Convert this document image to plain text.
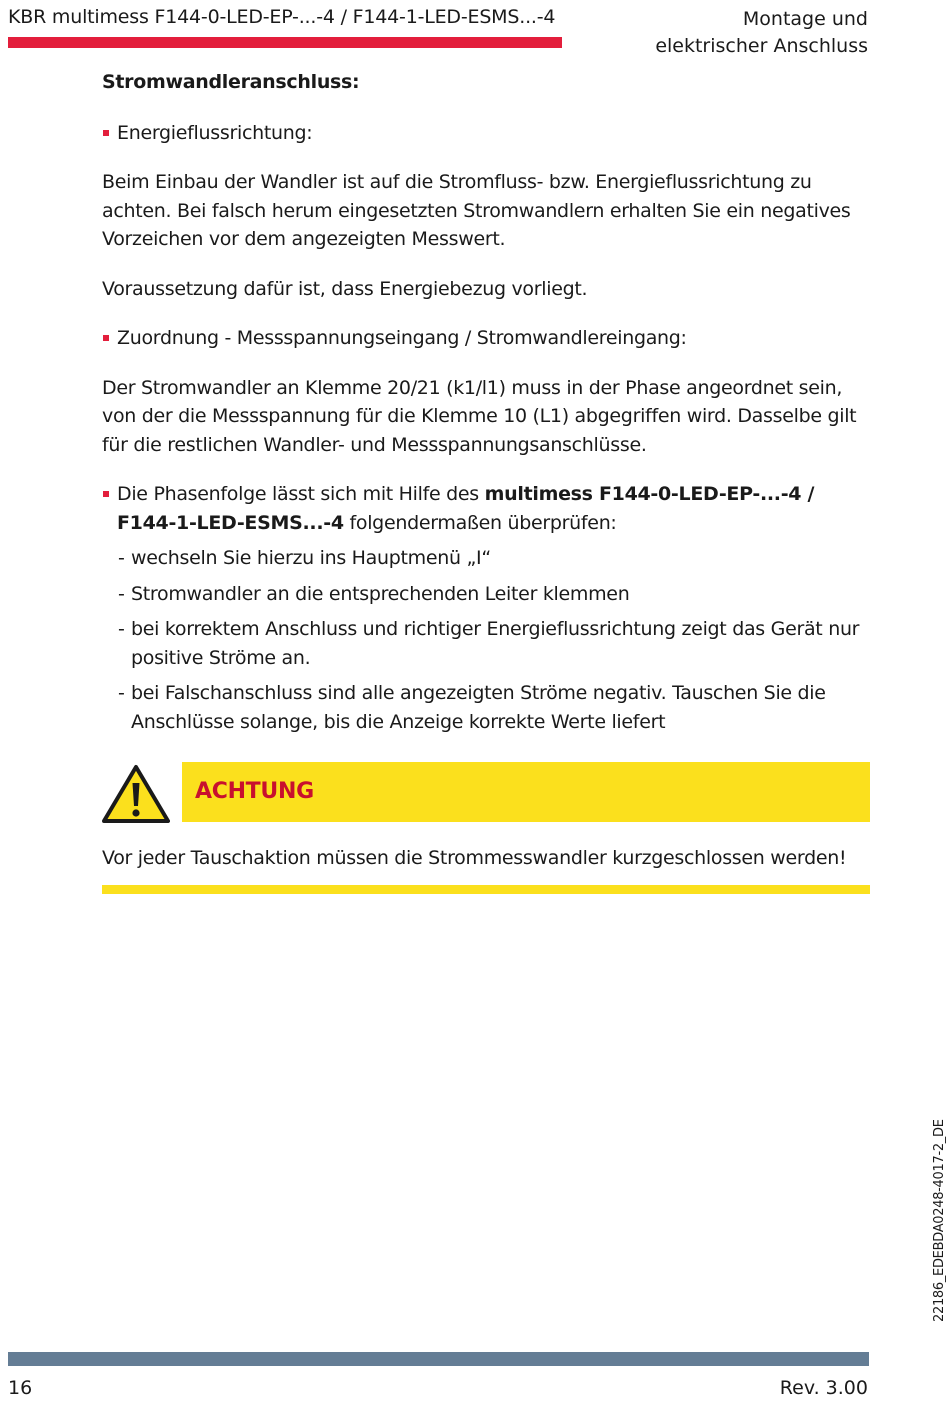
KBR multimess F144-0-LED-EP-...-4 / F144-1-LED-ESMS...-4	Montage und
elektrischer Anschluss

Stromwandleranschluss:

Energieflussrichtung:

Beim Einbau der Wandler ist auf die Stromfluss- bzw. Energieflussrichtung zu achten. Bei falsch herum eingesetzten Stromwandlern erhalten Sie ein negatives Vorzeichen vor dem angezeigten Messwert.

Voraussetzung dafür ist, dass Energiebezug vorliegt.

Zuordnung - Messspannungseingang / Stromwandlereingang:

Der Stromwandler an Klemme 20/21 (k1/l1) muss in der Phase angeordnet sein, von der die Messspannung für die Klemme 10 (L1) abgegriffen wird. Dasselbe gilt für die restlichen Wandler- und Messspannungsanschlüsse.

Die Phasenfolge lässt sich mit Hilfe des multimess F144-0-LED-EP-...-4 / F144-1-LED-ESMS...-4 folgendermaßen überprüfen:

- wechseln Sie hierzu ins Hauptmenü „I“

- Stromwandler an die entsprechenden Leiter klemmen

- bei korrektem Anschluss und richtiger Energieflussrichtung zeigt das Gerät nur positive Ströme an.

- bei Falschanschluss sind alle angezeigten Ströme negativ. Tauschen Sie die Anschlüsse solange, bis die Anzeige korrekte Werte liefert

ACHTUNG

Vor jeder Tauschaktion müssen die Strommesswandler kurzgeschlossen werden!

22186_EDEBDA0248-4017-2_DE
16	Rev. 3.00
